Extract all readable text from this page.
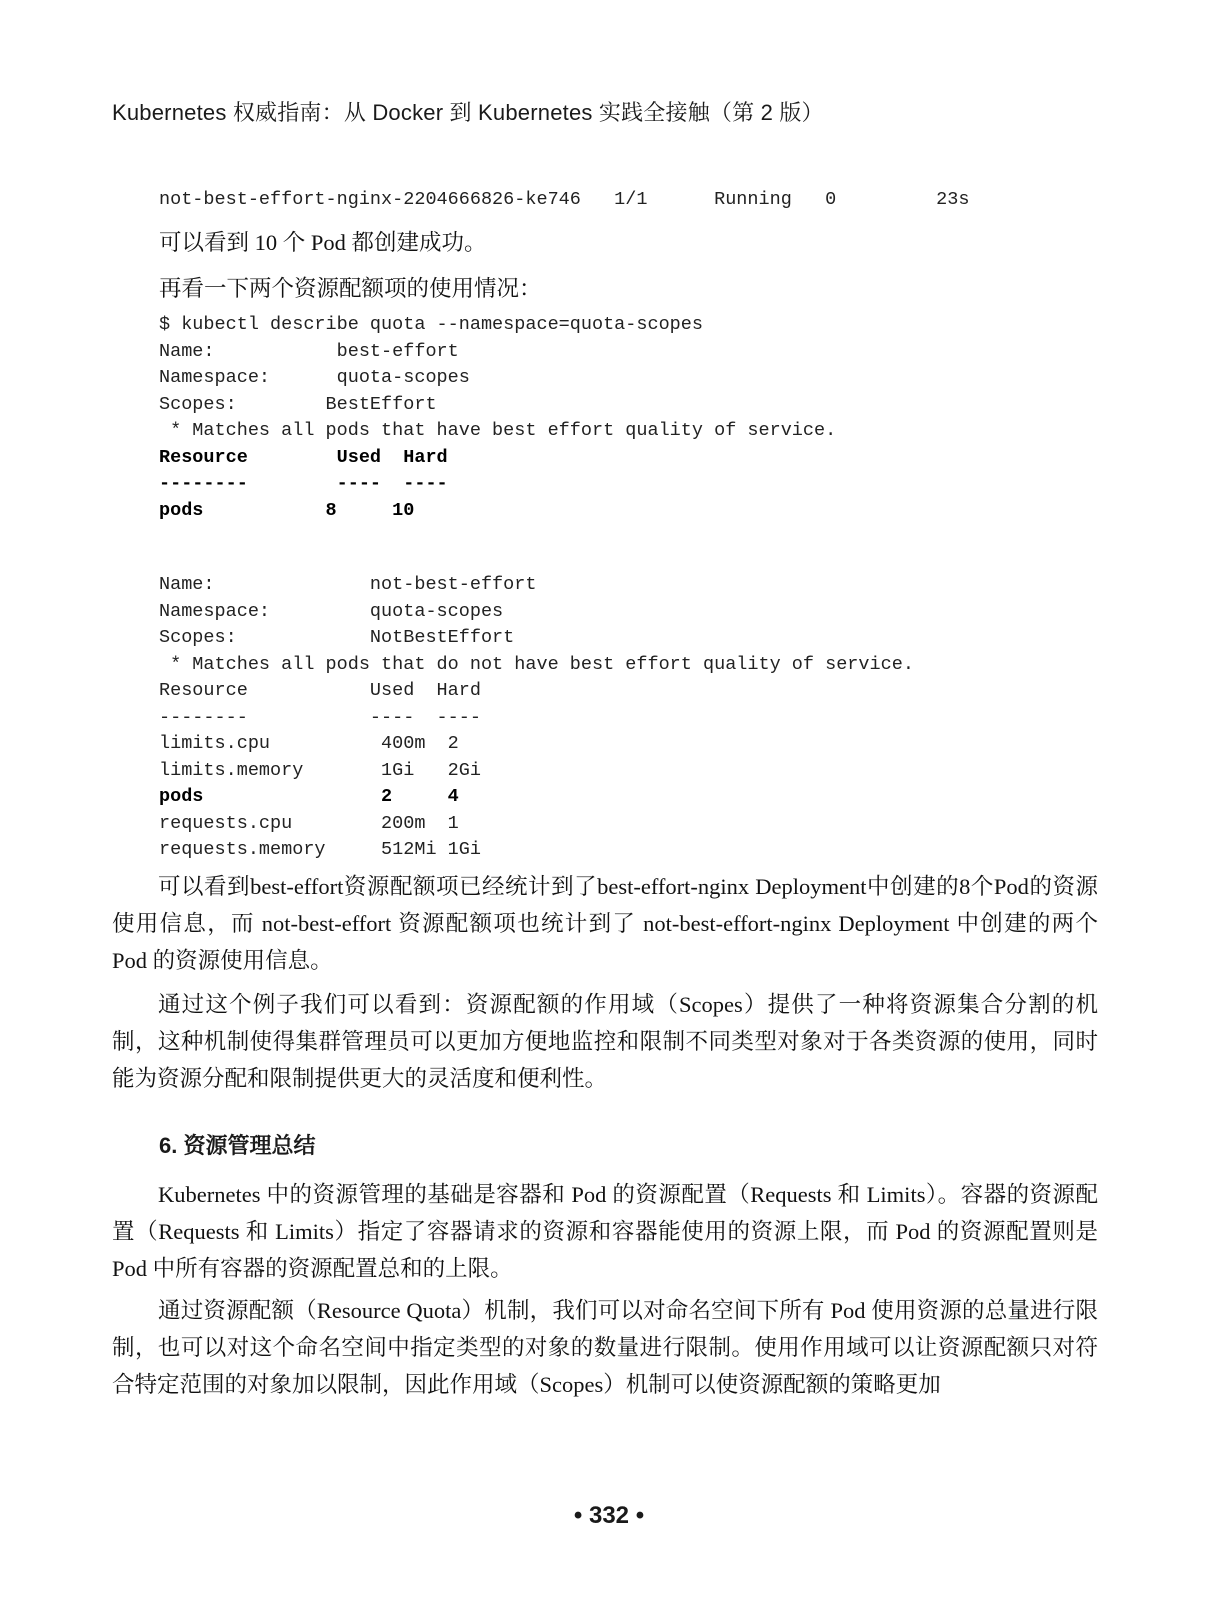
Kubernetes 权威指南：从 Docker 到 Kubernetes 实践全接触（第 2 版）
not-best-effort-nginx-2204666826-ke746   1/1      Running   0         23s

可以看到 10 个 Pod 都创建成功。

再看一下两个资源配额项的使用情况：

$ kubectl describe quota --namespace=quota-scopes
Name:           best-effort
Namespace:      quota-scopes
Scopes:        BestEffort
* Matches all pods that have best effort quality of service.
Resource        Used  Hard
--------        ----  ----
pods           8     10
Name:              not-best-effort
Namespace:         quota-scopes
Scopes:            NotBestEffort
* Matches all pods that do not have best effort quality of service.
Resource           Used  Hard
--------           ----  ----
limits.cpu          400m  2
limits.memory       1Gi   2Gi
pods                2     4
requests.cpu        200m  1
requests.memory     512Mi 1Gi

可以看到best-effort资源配额项已经统计到了best-effort-nginx Deployment中创建的8个Pod的资源使用信息，而 not-best-effort 资源配额项也统计到了 not-best-effort-nginx Deployment 中创建的两个 Pod 的资源使用信息。

通过这个例子我们可以看到：资源配额的作用域（Scopes）提供了一种将资源集合分割的机制，这种机制使得集群管理员可以更加方便地监控和限制不同类型对象对于各类资源的使用，同时能为资源分配和限制提供更大的灵活度和便利性。

6. 资源管理总结

Kubernetes 中的资源管理的基础是容器和 Pod 的资源配置（Requests 和 Limits）。容器的资源配置（Requests 和 Limits）指定了容器请求的资源和容器能使用的资源上限，而 Pod 的资源配置则是 Pod 中所有容器的资源配置总和的上限。

通过资源配额（Resource Quota）机制，我们可以对命名空间下所有 Pod 使用资源的总量进行限制，也可以对这个命名空间中指定类型的对象的数量进行限制。使用作用域可以让资源配额只对符合特定范围的对象加以限制，因此作用域（Scopes）机制可以使资源配额的策略更加

• 332 •
